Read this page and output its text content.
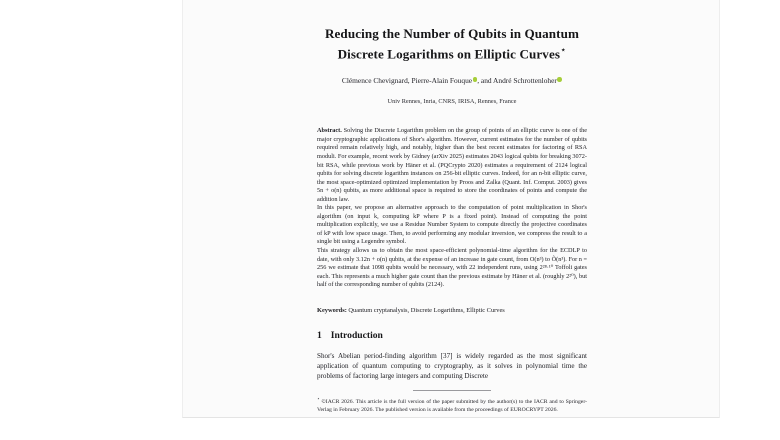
Reducing the Number of Qubits in Quantum
Discrete Logarithms on Elliptic Curves⋆

Clémence Chevignard, Pierre-Alain Fouque , and André Schrottenloher

Univ Rennes, Inria, CNRS, IRISA, Rennes, France

Abstract. Solving the Discrete Logarithm problem on the group of points of an elliptic curve is one of the major cryptographic applications of Shor's algorithm. However, current estimates for the number of qubits required remain relatively high, and notably, higher than the best recent estimates for factoring of RSA moduli. For example, recent work by Gidney (arXiv 2025) estimates 2043 logical qubits for breaking 3072-bit RSA, while previous work by Häner et al. (PQCrypto 2020) estimates a requirement of 2124 logical qubits for solving discrete logarithm instances on 256-bit elliptic curves. Indeed, for an n-bit elliptic curve, the most space-optimized optimized implementation by Proos and Zalka (Quant. Inf. Comput. 2003) gives 5n + o(n) qubits, as more additional space is required to store the coordinates of points and compute the addition law.

In this paper, we propose an alternative approach to the computation of point multiplication in Shor's algorithm (on input k, computing kP where P is a fixed point). Instead of computing the point multiplication explicitly, we use a Residue Number System to compute directly the projective coordinates of kP with low space usage. Then, to avoid performing any modular inversion, we compress the result to a single bit using a Legendre symbol.

This strategy allows us to obtain the most space-efficient polynomial-time algorithm for the ECDLP to date, with only 3.12n + o(n) qubits, at the expense of an increase in gate count, from O(n³) to Õ(n³). For n = 256 we estimate that 1098 qubits would be necessary, with 22 independent runs, using 2²⁸·¹⁰ Toffoli gates each. This represents a much higher gate count than the previous estimate by Häner et al. (roughly 2²⁰), but half of the corresponding number of qubits (2124).

Keywords: Quantum cryptanalysis, Discrete Logarithms, Elliptic Curves

1 Introduction

Shor's Abelian period-finding algorithm [37] is widely regarded as the most significant application of quantum computing to cryptography, as it solves in polynomial time the problems of factoring large integers and computing Discrete

⋆©IACR 2026. This article is the full version of the paper submitted by the author(s) to the IACR and to Springer-Verlag in February 2026. The published version is available from the proceedings of EUROCRYPT 2026.
